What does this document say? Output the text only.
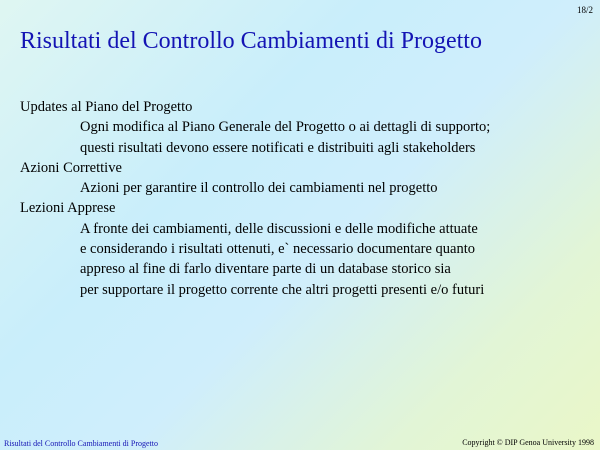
18/2
Risultati del Controllo Cambiamenti di Progetto
Updates al Piano del Progetto

Ogni modifica al Piano Generale del Progetto o ai dettagli di supporto;
questi risultati devono essere notificati e distribuiti agli stakeholders

Azioni Correttive

Azioni per garantire il controllo dei cambiamenti nel progetto

Lezioni Apprese

A fronte dei cambiamenti, delle discussioni e delle modifiche attuate
e considerando i risultati ottenuti, e` necessario documentare quanto
appreso al fine di farlo diventare parte di un database storico sia
per supportare il progetto corrente che altri progetti presenti e/o futuri

Risultati del Controllo Cambiamenti di Progetto	Copyright © DIP Genoa University 1998
